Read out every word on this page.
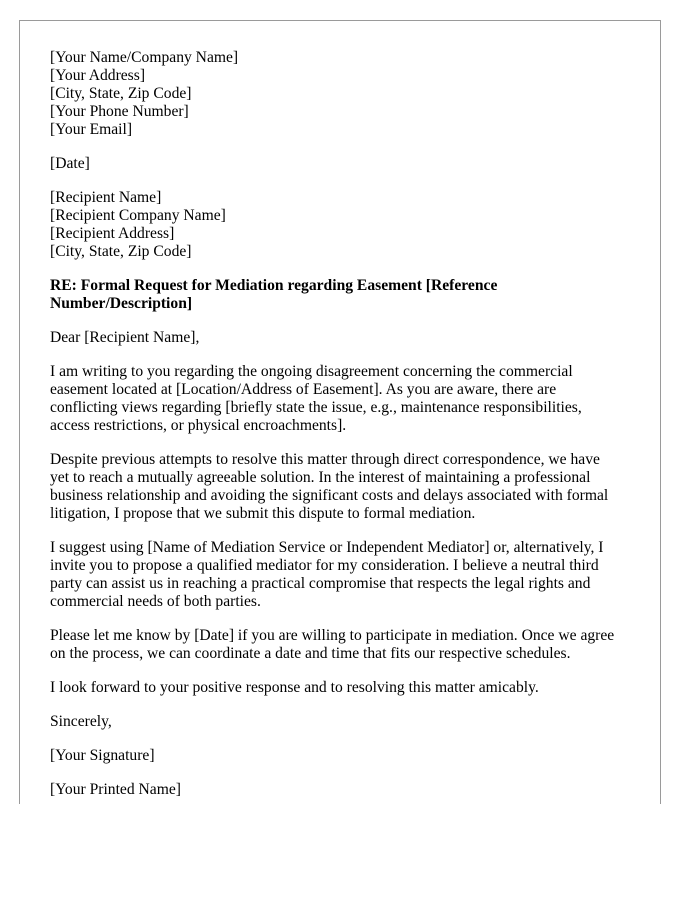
[Your Name/Company Name]
[Your Address]
[City, State, Zip Code]
[Your Phone Number]
[Your Email]
[Date]
[Recipient Name]
[Recipient Company Name]
[Recipient Address]
[City, State, Zip Code]
RE: Formal Request for Mediation regarding Easement [Reference
Number/Description]

Dear [Recipient Name],

I am writing to you regarding the ongoing disagreement concerning the commercial
easement located at [Location/Address of Easement]. As you are aware, there are
conflicting views regarding [briefly state the issue, e.g., maintenance responsibilities,
access restrictions, or physical encroachments].

Despite previous attempts to resolve this matter through direct correspondence, we have
yet to reach a mutually agreeable solution. In the interest of maintaining a professional
business relationship and avoiding the significant costs and delays associated with formal
litigation, I propose that we submit this dispute to formal mediation.

I suggest using [Name of Mediation Service or Independent Mediator] or, alternatively, I
invite you to propose a qualified mediator for my consideration. I believe a neutral third
party can assist us in reaching a practical compromise that respects the legal rights and
commercial needs of both parties.

Please let me know by [Date] if you are willing to participate in mediation. Once we agree
on the process, we can coordinate a date and time that fits our respective schedules.

I look forward to your positive response and to resolving this matter amicably.

Sincerely,

[Your Signature]

[Your Printed Name]
